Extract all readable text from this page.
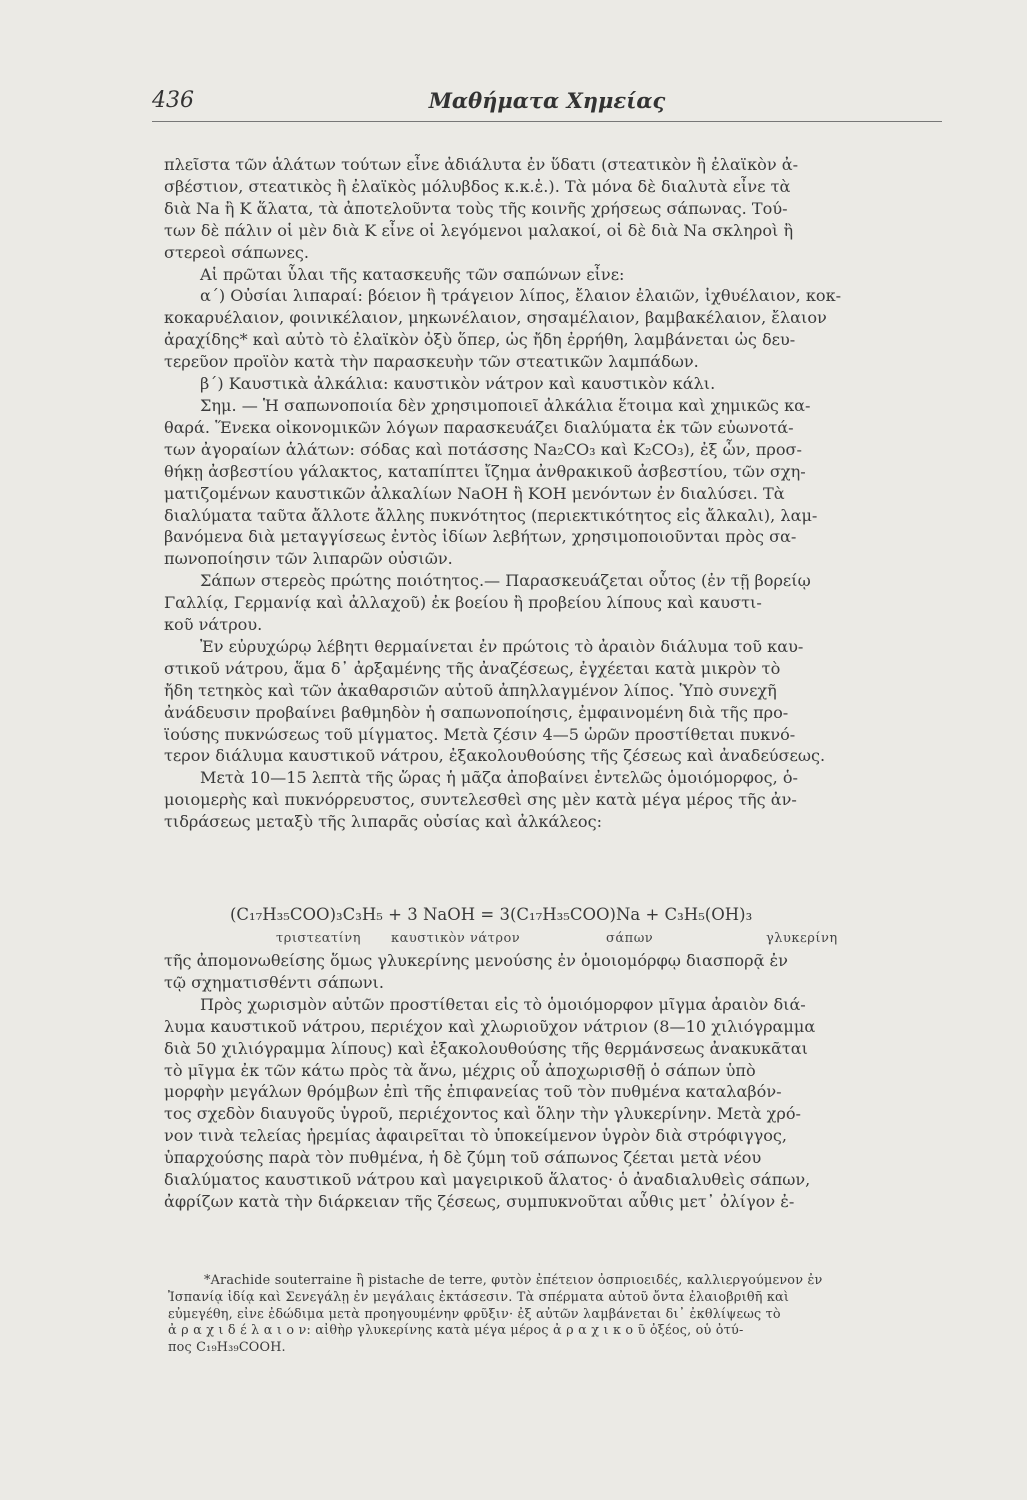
436	Μαθήματα Χημείας
πλεῖστα τῶν ἁλάτων τούτων εἶνε ἀδιάλυτα ἐν ὕδατι (στεατικὸν ἢ ἐλαϊκὸν ἀ-
σβέστιον, στεατικὸς ἢ ἐλαϊκὸς μόλυβδος κ.κ.ἑ.). Τὰ μόνα δὲ διαλυτὰ εἶνε τὰ
διὰ Na ἢ K ἅλατα, τὰ ἀποτελοῦντα τοὺς τῆς κοινῆς χρήσεως σάπωνας. Τού-
των δὲ πάλιν οἱ μὲν διὰ K εἶνε οἱ λεγόμενοι μαλακοί, οἱ δὲ διὰ Na σκληροὶ ἢ
στερεοὶ σάπωνες.
Αἱ πρῶται ὗλαι τῆς κατασκευῆς τῶν σαπώνων εἶνε:
α΄) Οὐσίαι λιπαραί: βόειον ἢ τράγειον λίπος, ἔλαιον ἐλαιῶν, ἰχθυέλαιον, κοκ-
κοκαρυέλαιον, φοινικέλαιον, μηκωνέλαιον, σησαμέλαιον, βαμβακέλαιον, ἔλαιον
ἀραχίδης* καὶ αὐτὸ τὸ ἐλαϊκὸν ὀξὺ ὅπερ, ὡς ἤδη ἐρρήθη, λαμβάνεται ὡς δευ-
τερεῦον προϊὸν κατὰ τὴν παρασκευὴν τῶν στεατικῶν λαμπάδων.
β΄) Καυστικὰ ἀλκάλια: καυστικὸν νάτρον καὶ καυστικὸν κάλι.
Σημ. — Ἡ σαπωνοποιία δὲν χρησιμοποιεῖ ἀλκάλια ἕτοιμα καὶ χημικῶς κα-
θαρά. Ἕνεκα οἰκονομικῶν λόγων παρασκευάζει διαλύματα ἐκ τῶν εὐωνοτά-
των ἀγοραίων ἁλάτων: σόδας καὶ ποτάσσης Na₂CO₃ καὶ K₂CO₃), ἐξ ὧν, προσ-
θήκῃ ἀσβεστίου γάλακτος, καταπίπτει ἴζημα ἀνθρακικοῦ ἀσβεστίου, τῶν σχη-
ματιζομένων καυστικῶν ἀλκαλίων NaOH ἢ KOH μενόντων ἐν διαλύσει. Τὰ
διαλύματα ταῦτα ἄλλοτε ἄλλης πυκνότητος (περιεκτικότητος εἰς ἄλκαλι), λαμ-
βανόμενα διὰ μεταγγίσεως ἐντὸς ἰδίων λεβήτων, χρησιμοποιοῦνται πρὸς σα-
πωνοποίησιν τῶν λιπαρῶν οὐσιῶν.
Σάπων στερεὸς πρώτης ποιότητος.— Παρασκευάζεται οὗτος (ἐν τῇ βορείῳ
Γαλλίᾳ, Γερμανίᾳ καὶ ἀλλαχοῦ) ἐκ βοείου ἢ προβείου λίπους καὶ καυστι-
κοῦ νάτρου.
Ἐν εὐρυχώρῳ λέβητι θερμαίνεται ἐν πρώτοις τὸ ἀραιὸν διάλυμα τοῦ καυ-
στικοῦ νάτρου, ἅμα δ᾽ ἀρξαμένης τῆς ἀναζέσεως, ἐγχέεται κατὰ μικρὸν τὸ
ἤδη τετηκὸς καὶ τῶν ἀκαθαρσιῶν αὐτοῦ ἀπηλλαγμένον λίπος. Ὑπὸ συνεχῆ
ἀνάδευσιν προβαίνει βαθμηδὸν ἡ σαπωνοποίησις, ἐμφαινομένη διὰ τῆς προ-
ϊούσης πυκνώσεως τοῦ μίγματος. Μετὰ ζέσιν 4—5 ὡρῶν προστίθεται πυκνό-
τερον διάλυμα καυστικοῦ νάτρου, ἐξακολουθούσης τῆς ζέσεως καὶ ἀναδεύσεως.
Μετὰ 10—15 λεπτὰ τῆς ὥρας ἡ μᾶζα ἀποβαίνει ἐντελῶς ὁμοιόμορφος, ὁ-
μοιομερὴς καὶ πυκνόρρευστος, συντελεσθεὶ σης μὲν κατὰ μέγα μέρος τῆς ἀν-
τιδράσεως μεταξὺ τῆς λιπαρᾶς οὐσίας καὶ ἀλκάλεος:
(C₁₇H₃₅COO)₃C₃H₅ + 3 NaOH = 3(C₁₇H₃₅COO)Na + C₃H₅(OH)₃
τριστεατίνη καυστικὸν νάτρον	σάπων	γλυκερίνη
τῆς ἀπομονωθείσης ὅμως γλυκερίνης μενούσης ἐν ὁμοιομόρφῳ διασπορᾷ ἐν
τῷ σχηματισθέντι σάπωνι.
Πρὸς χωρισμὸν αὐτῶν προστίθεται εἰς τὸ ὁμοιόμορφον μῖγμα ἀραιὸν διά-
λυμα καυστικοῦ νάτρου, περιέχον καὶ χλωριοῦχον νάτριον (8—10 χιλιόγραμμα
διὰ 50 χιλιόγραμμα λίπους) καὶ ἐξακολουθούσης τῆς θερμάνσεως ἀνακυκᾶται
τὸ μῖγμα ἐκ τῶν κάτω πρὸς τὰ ἄνω, μέχρις οὗ ἀποχωρισθῇ ὁ σάπων ὑπὸ
μορφὴν μεγάλων θρόμβων ἐπὶ τῆς ἐπιφανείας τοῦ τὸν πυθμένα καταλαβόν-
τος σχεδὸν διαυγοῦς ὑγροῦ, περιέχοντος καὶ ὅλην τὴν γλυκερίνην. Μετὰ χρό-
νον τινὰ τελείας ἠρεμίας ἀφαιρεῖται τὸ ὑποκείμενον ὑγρὸν διὰ στρόφιγγος,
ὑπαρχούσης παρὰ τὸν πυθμένα, ἡ δὲ ζύμη τοῦ σάπωνος ζέεται μετὰ νέου
διαλύματος καυστικοῦ νάτρου καὶ μαγειρικοῦ ἅλατος· ὁ ἀναδιαλυθεὶς σάπων,
ἀφρίζων κατὰ τὴν διάρκειαν τῆς ζέσεως, συμπυκνοῦται αὖθις μετ᾽ ὀλίγον ἐ-
*Arachide souterraine ἢ pistache de terre, φυτὸν ἐπέτειον ὀσπριοειδές, καλλιεργούμενον ἐν
Ἰσπανίᾳ ἰδίᾳ καὶ Σενεγάλῃ ἐν μεγάλαις ἐκτάσεσιν. Τὰ σπέρματα αὐτοῦ ὄντα ἐλαιοβριθῆ καὶ
εὐμεγέθη, εἶνε ἐδώδιμα μετὰ προηγουμένην φρῦξιν· ἐξ αὐτῶν λαμβάνεται δι᾽ ἐκθλίψεως τὸ
ἀ ρ α χ ι δ έ λ α ι ο ν: αἰθὴρ γλυκερίνης κατὰ μέγα μέρος ἀ ρ α χ ι κ ο ῦ ὀξέος, οὗ ὀτύ-
πος C₁₉H₃₉COOH.
